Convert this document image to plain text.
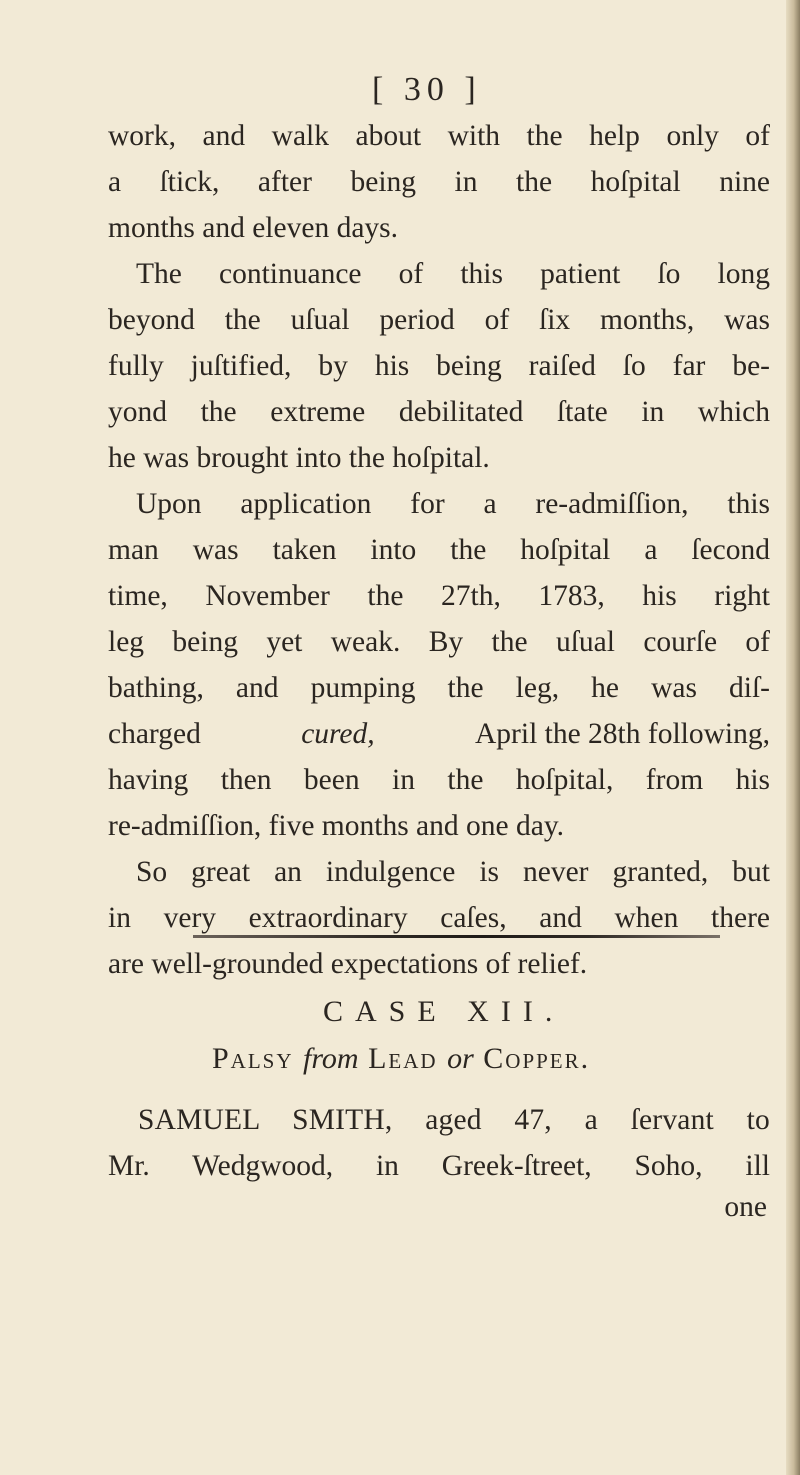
[ 30 ]
work, and walk about with the help only of
a ſtick, after being in the hoſpital nine
months and eleven days.
The continuance of this patient ſo long
beyond the uſual period of ſix months, was
fully juſtified, by his being raiſed ſo far be-
yond the extreme debilitated ſtate in which
he was brought into the hoſpital.
Upon application for a re-admiſſion, this
man was taken into the hoſpital a ſecond
time, November the 27th, 1783, his right
leg being yet weak. By the uſual courſe of
bathing, and pumping the leg, he was diſ-
charged	cured,	April the 28th following,
having then been in the hoſpital, from his
re-admiſſion, five months and one day.
So great an indulgence is never granted, but
in very extraordinary caſes, and when there
are well-grounded expectations of relief.
CASE XII.
Palsy from Lead or Copper.
SAMUEL SMITH, aged 47, a ſervant to
Mr. Wedgwood, in Greek-ſtreet, Soho, ill
one
